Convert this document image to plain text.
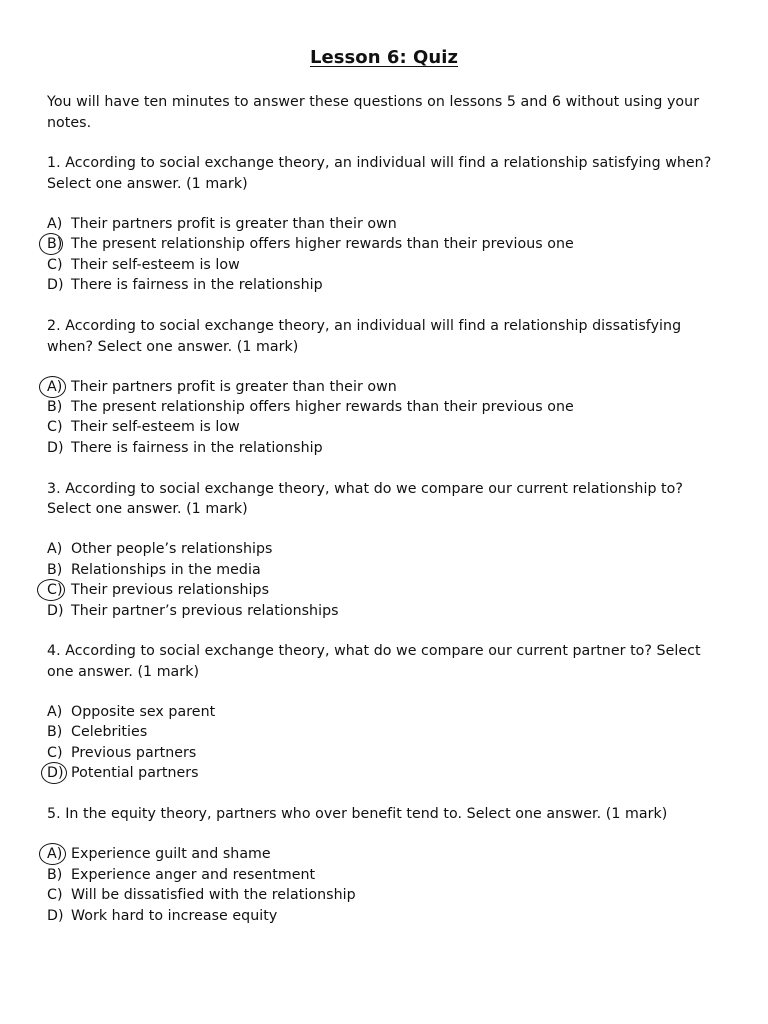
Lesson 6: Quiz
You will have ten minutes to answer these questions on lessons 5 and 6 without using your
notes.
1. According to social exchange theory, an individual will find a relationship satisfying when?
Select one answer. (1 mark)
A) Their partners profit is greater than their own
B) The present relationship offers higher rewards than their previous one
C) Their self-esteem is low
D) There is fairness in the relationship
2. According to social exchange theory, an individual will find a relationship dissatisfying
when? Select one answer. (1 mark)
A) Their partners profit is greater than their own
B) The present relationship offers higher rewards than their previous one
C) Their self-esteem is low
D) There is fairness in the relationship
3. According to social exchange theory, what do we compare our current relationship to?
Select one answer. (1 mark)
A) Other people’s relationships
B) Relationships in the media
C) Their previous relationships
D) Their partner’s previous relationships
4. According to social exchange theory, what do we compare our current partner to? Select
one answer. (1 mark)
A) Opposite sex parent
B) Celebrities
C) Previous partners
D) Potential partners
5. In the equity theory, partners who over benefit tend to. Select one answer. (1 mark)
A) Experience guilt and shame
B) Experience anger and resentment
C) Will be dissatisfied with the relationship
D) Work hard to increase equity
